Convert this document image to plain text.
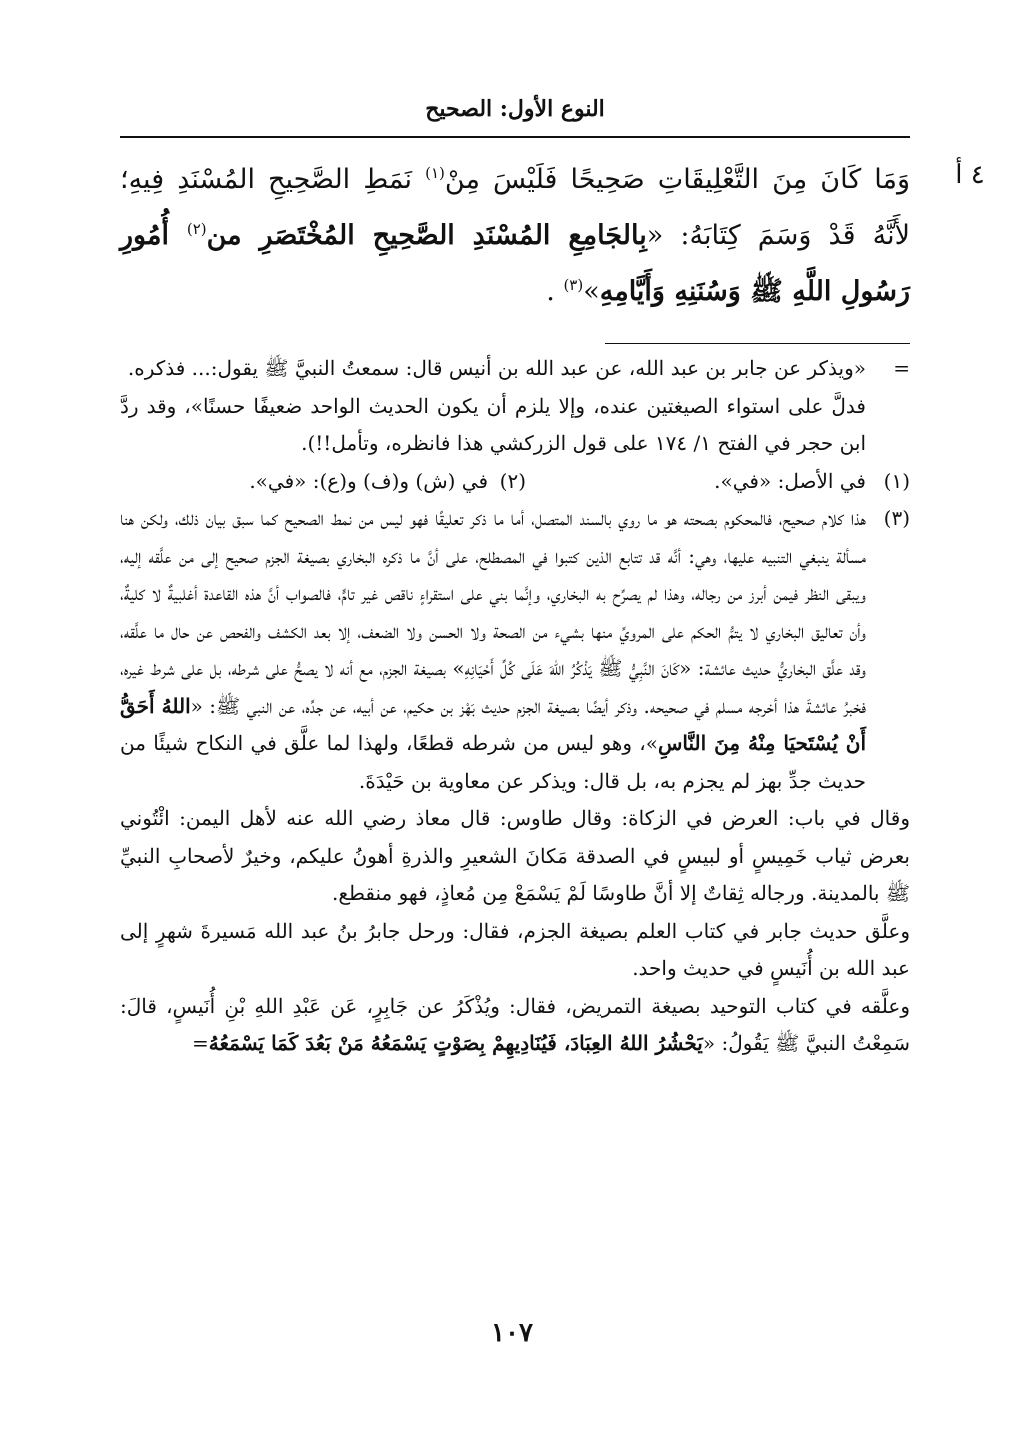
النوع الأول: الصحيح
٤ أ
وَمَا كَانَ مِنَ التَّعْلِيقَاتِ صَحِيحًا فَلَيْسَ مِنْ$^{(١)}$ نَمَطِ الصَّحِيحِ المُسْنَدِ فِيهِ؛ لأَنَّهُ قَدْ وَسَمَ كِتَابَهُ: «بِالجَامِعِ المُسْنَدِ الصَّحِيحِ المُخْتَصَرِ من$^{(٢)}$ أُمُورِ رَسُولِ اللَّهِ ﷺ وَسُنَنِهِ وَأَيَّامِهِ»$^{(٣)}$ .
=
«ويذكر عن جابر بن عبد الله، عن عبد الله بن أنيس قال: سمعتُ النبيَّ ﷺ يقول:... فذكره.
فدلَّ على استواء الصيغتين عنده، وإلا يلزم أن يكون الحديث الواحد ضعيفًا حسنًا»، وقد ردَّ ابن حجر في الفتح ١/ ١٧٤ على قول الزركشي هذا فانظره، وتأمل!!).
(١)
في الأصل: «في».
(٢)
في (ش) و(ف) و(ع): «في».
(٣)
هذا كلام صحيح، فالمحكوم بصحته هو ما روي بالسند المتصل، أما ما ذكر تعليقًا فهو ليس من نمط الصحيح كما سبق بيان ذلك، ولكن هنا مسألة ينبغي التنبيه عليها، وهي: أنَّه قد تتابع الذين كتبوا في المصطلح، على أنَّ ما ذكره البخاري بصيغة الجزم صحيح إلى من علَّقه إليه، ويبقى النظر فيمن أبرز من رجاله، وهذا لم يصرِّح به البخاري، وإنَّما بني على استقراءٍ ناقص غير تامٍّ، فالصواب أنَّ هذه القاعدة أغلبيةٌ لا كليةٌ، وأن تعاليق البخاري لا يتمُّ الحكم على المرويِّ منها بشيء من الصحة ولا الحسن ولا الضعف، إلا بعد الكشف والفحص عن حال ما علَّقه، وقد علَّق البخاريُّ حديث عائشة: «كَانَ النَّبِيُّ ﷺ يَذْكُرُ اللهَ عَلَى كُلِّ أَحْيَانِهِ» بصيغة الجزم، مع أنه لا يصحُّ على شرطه، بل على شرط غيره، فخبرُ عائشةَ هذا أخرجه مسلم في صحيحه. وذكر أيضًا بصيغة الجزم حديث بَهْز بن حكيم، عن أبيه، عن جدِّه، عن النبي ﷺ: «اللهُ أَحَقُّ أَنْ يُسْتَحيَا مِنْهُ مِنَ النَّاسِ»، وهو ليس من شرطه قطعًا، ولهذا لما علَّق في النكاح شيئًا من حديث جدِّ بهز لم يجزم به، بل قال: ويذكر عن معاوية بن حَيْدَةَ.
وقال في باب: العرض في الزكاة: وقال طاوس: قال معاذ رضي الله عنه لأهل اليمن: ائْتُوني بعرض ثياب خَمِيسٍ أو لبيسٍ في الصدقة مَكانَ الشعيرِ والذرةِ أهونُ عليكم، وخيرٌ لأصحابِ النبيِّ ﷺ بالمدينة. ورجاله ثِقاتٌ إلا أنَّ طاوسًا لَمْ يَسْمَعْ مِن مُعاذٍ، فهو منقطع.
وعلَّق حديث جابر في كتاب العلم بصيغة الجزم، فقال: ورحل جابرُ بنُ عبد الله مَسيرةَ شهرٍ إلى عبد الله بن أُنَيسٍ في حديث واحد.
وعلَّقه في كتاب التوحيد بصيغة التمريض، فقال: ويُذْكَرُ عن جَابِرٍ، عَن عَبْدِ اللهِ بْنِ أُنَيسٍ، قالَ: سَمِعْتُ النبيَّ ﷺ يَقُولُ: «يَحْشُرُ اللهُ العِبَادَ، فَيُنَادِيهِمْ بِصَوْتٍ يَسْمَعُهُ مَنْ بَعُدَ كَمَا يَسْمَعُهُ=
١٠٧
